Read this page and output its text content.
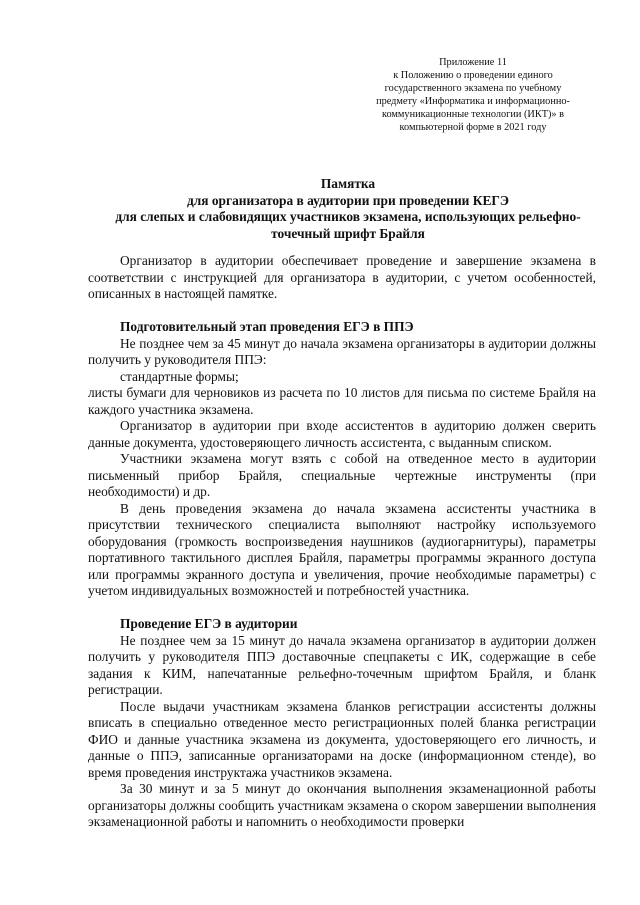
Приложение 11
к Положению о проведении единого
государственного экзамена по учебному
предмету «Информатика и информационно-
коммуникационные технологии (ИКТ)» в
компьютерной форме в 2021 году
Памятка
для организатора в аудитории при проведении КЕГЭ
для слепых и слабовидящих участников экзамена, использующих рельефно-
точечный шрифт Брайля

Организатор в аудитории обеспечивает проведение и завершение экзамена в соответствии с инструкцией для организатора в аудитории, с учетом особенностей, описанных в настоящей памятке.

Подготовительный этап проведения ЕГЭ в ППЭ

Не позднее чем за 45 минут до начала экзамена организаторы в аудитории должны получить у руководителя ППЭ:

стандартные формы;

листы бумаги для черновиков из расчета по 10 листов для письма по системе Брайля на каждого участника экзамена.

Организатор в аудитории при входе ассистентов в аудиторию должен сверить данные документа, удостоверяющего личность ассистента, с выданным списком.

Участники экзамена могут взять с собой на отведенное место в аудитории письменный прибор Брайля, специальные чертежные инструменты (при необходимости) и др.

В день проведения экзамена до начала экзамена ассистенты участника в присутствии технического специалиста выполняют настройку используемого оборудования (громкость воспроизведения наушников (аудиогарнитуры), параметры портативного тактильного дисплея Брайля, параметры программы экранного доступа или программы экранного доступа и увеличения, прочие необходимые параметры) с учетом индивидуальных возможностей и потребностей участника.

Проведение ЕГЭ в аудитории

Не позднее чем за 15 минут до начала экзамена организатор в аудитории должен получить у руководителя ППЭ доставочные спецпакеты с ИК, содержащие в себе задания к КИМ, напечатанные рельефно-точечным шрифтом Брайля, и бланк регистрации.

После выдачи участникам экзамена бланков регистрации ассистенты должны вписать в специально отведенное место регистрационных полей бланка регистрации ФИО и данные участника экзамена из документа, удостоверяющего его личность, и данные о ППЭ, записанные организаторами на доске (информационном стенде), во время проведения инструктажа участников экзамена.

За 30 минут и за 5 минут до окончания выполнения экзаменационной работы организаторы должны сообщить участникам экзамена о скором завершении выполнения экзаменационной работы и напомнить о необходимости проверки
